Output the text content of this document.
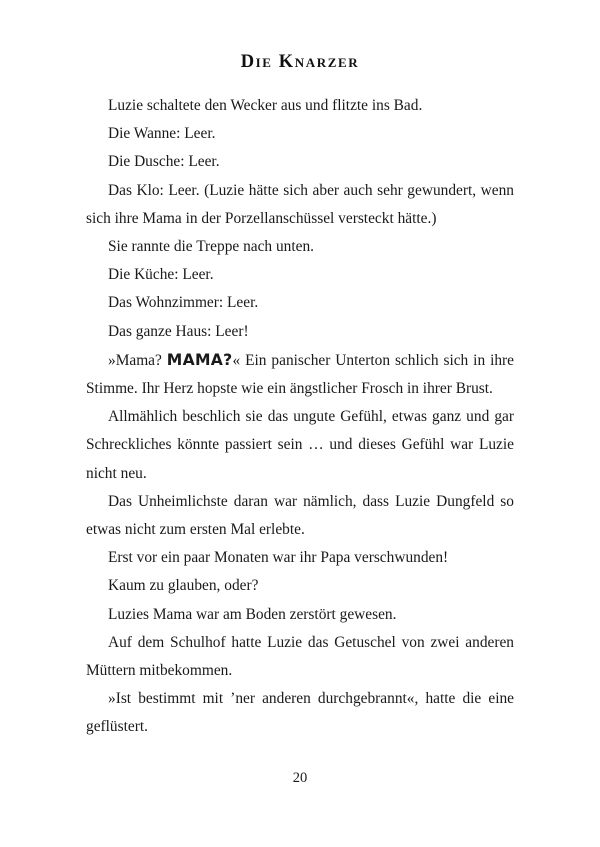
Die Knarzer

Luzie schaltete den Wecker aus und flitzte ins Bad.

Die Wanne: Leer.

Die Dusche: Leer.

Das Klo: Leer. (Luzie hätte sich aber auch sehr gewundert, wenn sich ihre Mama in der Porzellanschüssel versteckt hätte.)

Sie rannte die Treppe nach unten.

Die Küche: Leer.

Das Wohnzimmer: Leer.

Das ganze Haus: Leer!

»Mama? MAMA?« Ein panischer Unterton schlich sich in ihre Stimme. Ihr Herz hopste wie ein ängstlicher Frosch in ihrer Brust.

Allmählich beschlich sie das ungute Gefühl, etwas ganz und gar Schreckliches könnte passiert sein … und dieses Gefühl war Luzie nicht neu.

Das Unheimlichste daran war nämlich, dass Luzie Dungfeld so etwas nicht zum ersten Mal erlebte.

Erst vor ein paar Monaten war ihr Papa verschwunden!

Kaum zu glauben, oder?

Luzies Mama war am Boden zerstört gewesen.

Auf dem Schulhof hatte Luzie das Getuschel von zwei anderen Müttern mitbekommen.

»Ist bestimmt mit ’ner anderen durchgebrannt«, hatte die eine geflüstert.

20
